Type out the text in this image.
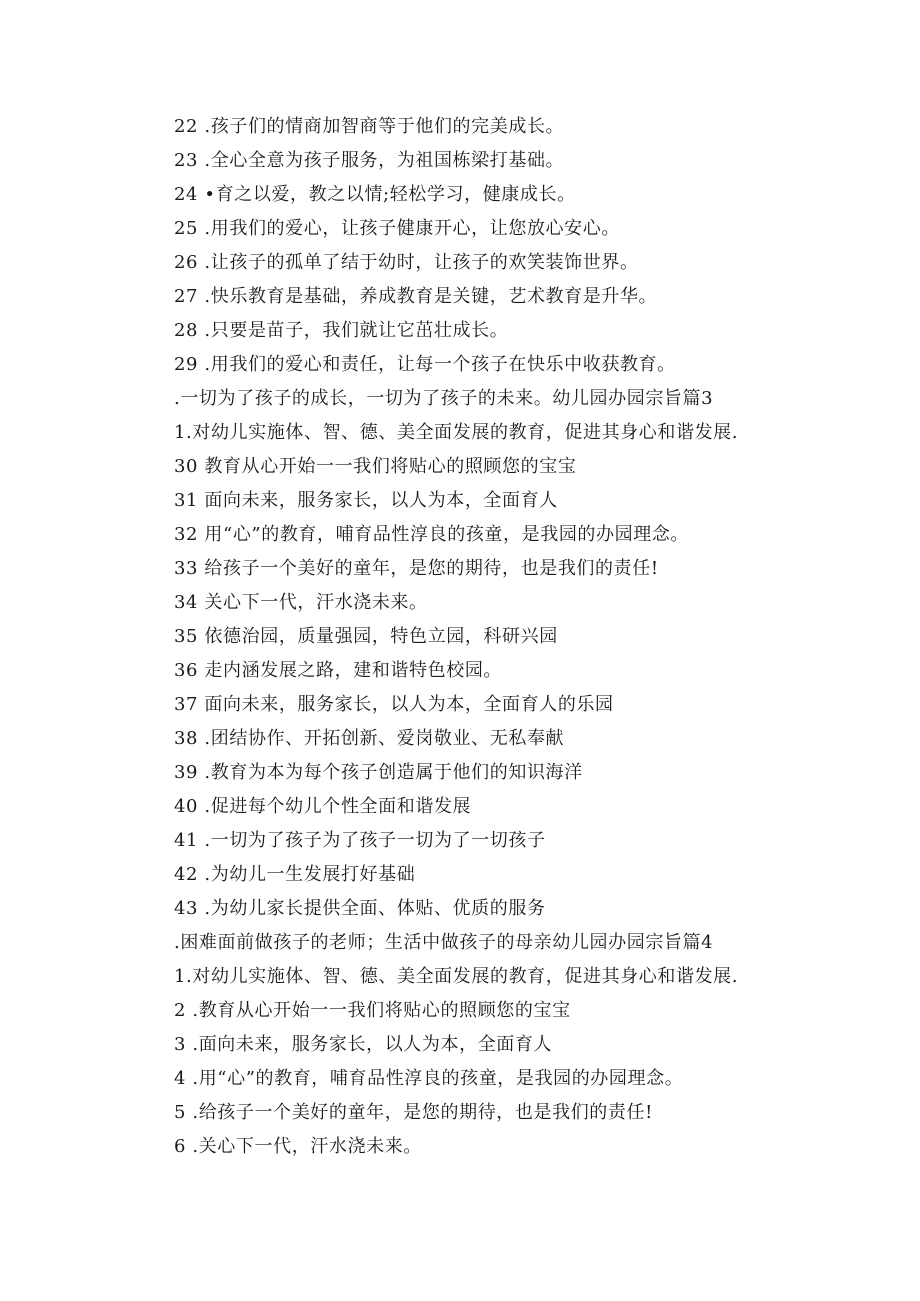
22 .孩子们的情商加智商等于他们的完美成长。
23 .全心全意为孩子服务，为祖国栋梁打基础。
24 •育之以爱，教之以情;轻松学习，健康成长。
25 .用我们的爱心，让孩子健康开心，让您放心安心。
26 .让孩子的孤单了结于幼时，让孩子的欢笑装饰世界。
27 .快乐教育是基础，养成教育是关键，艺术教育是升华。
28 .只要是苗子，我们就让它茁壮成长。
29 .用我们的爱心和责任，让每一个孩子在快乐中收获教育。
.一切为了孩子的成长，一切为了孩子的未来。幼儿园办园宗旨篇3
1.对幼儿实施体、智、德、美全面发展的教育，促进其身心和谐发展.
30 教育从心开始一一我们将贴心的照顾您的宝宝
31 面向未来，服务家长，以人为本，全面育人
32 用“心”的教育，哺育品性淳良的孩童，是我园的办园理念。
33 给孩子一个美好的童年，是您的期待，也是我们的责任!
34 关心下一代，汗水浇未来。
35 依德治园，质量强园，特色立园，科研兴园
36 走内涵发展之路，建和谐特色校园。
37 面向未来，服务家长，以人为本，全面育人的乐园
38 .团结协作、开拓创新、爱岗敬业、无私奉献
39 .教育为本为每个孩子创造属于他们的知识海洋
40 .促进每个幼儿个性全面和谐发展
41 .一切为了孩子为了孩子一切为了一切孩子
42 .为幼儿一生发展打好基础
43 .为幼儿家长提供全面、体贴、优质的服务
.困难面前做孩子的老师；生活中做孩子的母亲幼儿园办园宗旨篇4
1.对幼儿实施体、智、德、美全面发展的教育，促进其身心和谐发展.
2 .教育从心开始一一我们将贴心的照顾您的宝宝
3 .面向未来，服务家长，以人为本，全面育人
4 .用“心”的教育，哺育品性淳良的孩童，是我园的办园理念。
5 .给孩子一个美好的童年，是您的期待，也是我们的责任!
6 .关心下一代，汗水浇未来。
